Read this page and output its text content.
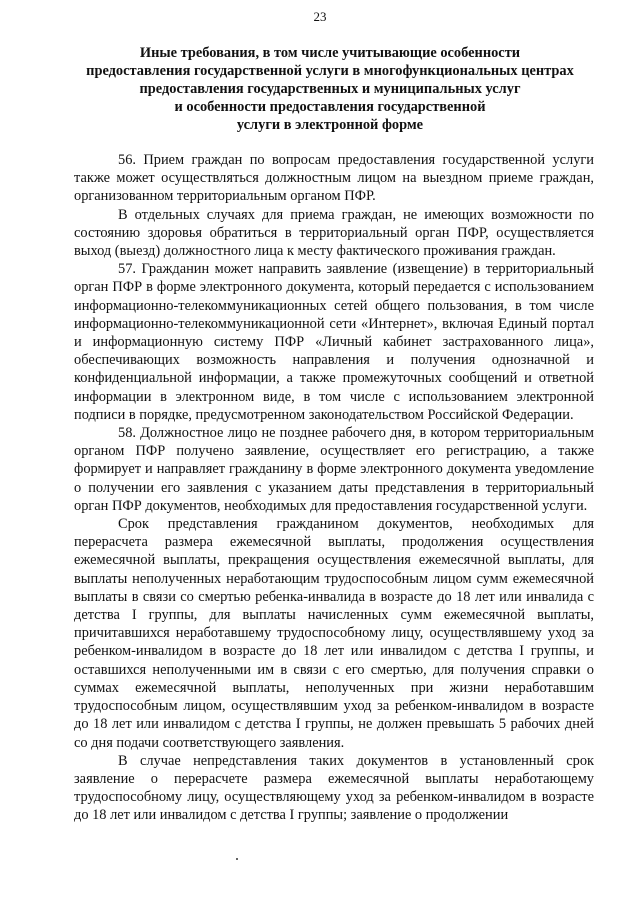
23
Иные требования, в том числе учитывающие особенности
предоставления государственной услуги в многофункциональных центрах
предоставления государственных и муниципальных услуг
и особенности предоставления государственной
услуги в электронной форме

56. Прием граждан по вопросам предоставления государственной услуги также может осуществляться должностным лицом на выездном приеме граждан, организованном территориальным органом ПФР.

В отдельных случаях для приема граждан, не имеющих возможности по состоянию здоровья обратиться в территориальный орган ПФР, осуществляется выход (выезд) должностного лица к месту фактического проживания граждан.

57. Гражданин может направить заявление (извещение) в территориальный орган ПФР в форме электронного документа, который передается с использованием информационно-телекоммуникационных сетей общего пользования, в том числе информационно-телекоммуникационной сети «Интернет», включая Единый портал и информационную систему ПФР «Личный кабинет застрахованного лица», обеспечивающих возможность направления и получения однозначной и конфиденциальной информации, а также промежуточных сообщений и ответной информации в электронном виде, в том числе с использованием электронной подписи в порядке, предусмотренном законодательством Российской Федерации.

58. Должностное лицо не позднее рабочего дня, в котором территориальным органом ПФР получено заявление, осуществляет его регистрацию, а также формирует и направляет гражданину в форме электронного документа уведомление о получении его заявления с указанием даты представления в территориальный орган ПФР документов, необходимых для предоставления государственной услуги.

Срок представления гражданином документов, необходимых для перерасчета размера ежемесячной выплаты, продолжения осуществления ежемесячной выплаты, прекращения осуществления ежемесячной выплаты, для выплаты неполученных неработающим трудоспособным лицом сумм ежемесячной выплаты в связи со смертью ребенка-инвалида в возрасте до 18 лет или инвалида с детства I группы, для выплаты начисленных сумм ежемесячной выплаты, причитавшихся неработавшему трудоспособному лицу, осуществлявшему уход за ребенком-инвалидом в возрасте до 18 лет или инвалидом с детства I группы, и оставшихся неполученными им в связи с его смертью, для получения справки о суммах ежемесячной выплаты, неполученных при жизни неработавшим трудоспособным лицом, осуществлявшим уход за ребенком-инвалидом в возрасте до 18 лет или инвалидом с детства I группы, не должен превышать 5 рабочих дней со дня подачи соответствующего заявления.

В случае непредставления таких документов в установленный срок заявление о перерасчете размера ежемесячной выплаты неработающему трудоспособному лицу, осуществляющему уход за ребенком-инвалидом в возрасте до 18 лет или инвалидом с детства I группы; заявление о продолжении
